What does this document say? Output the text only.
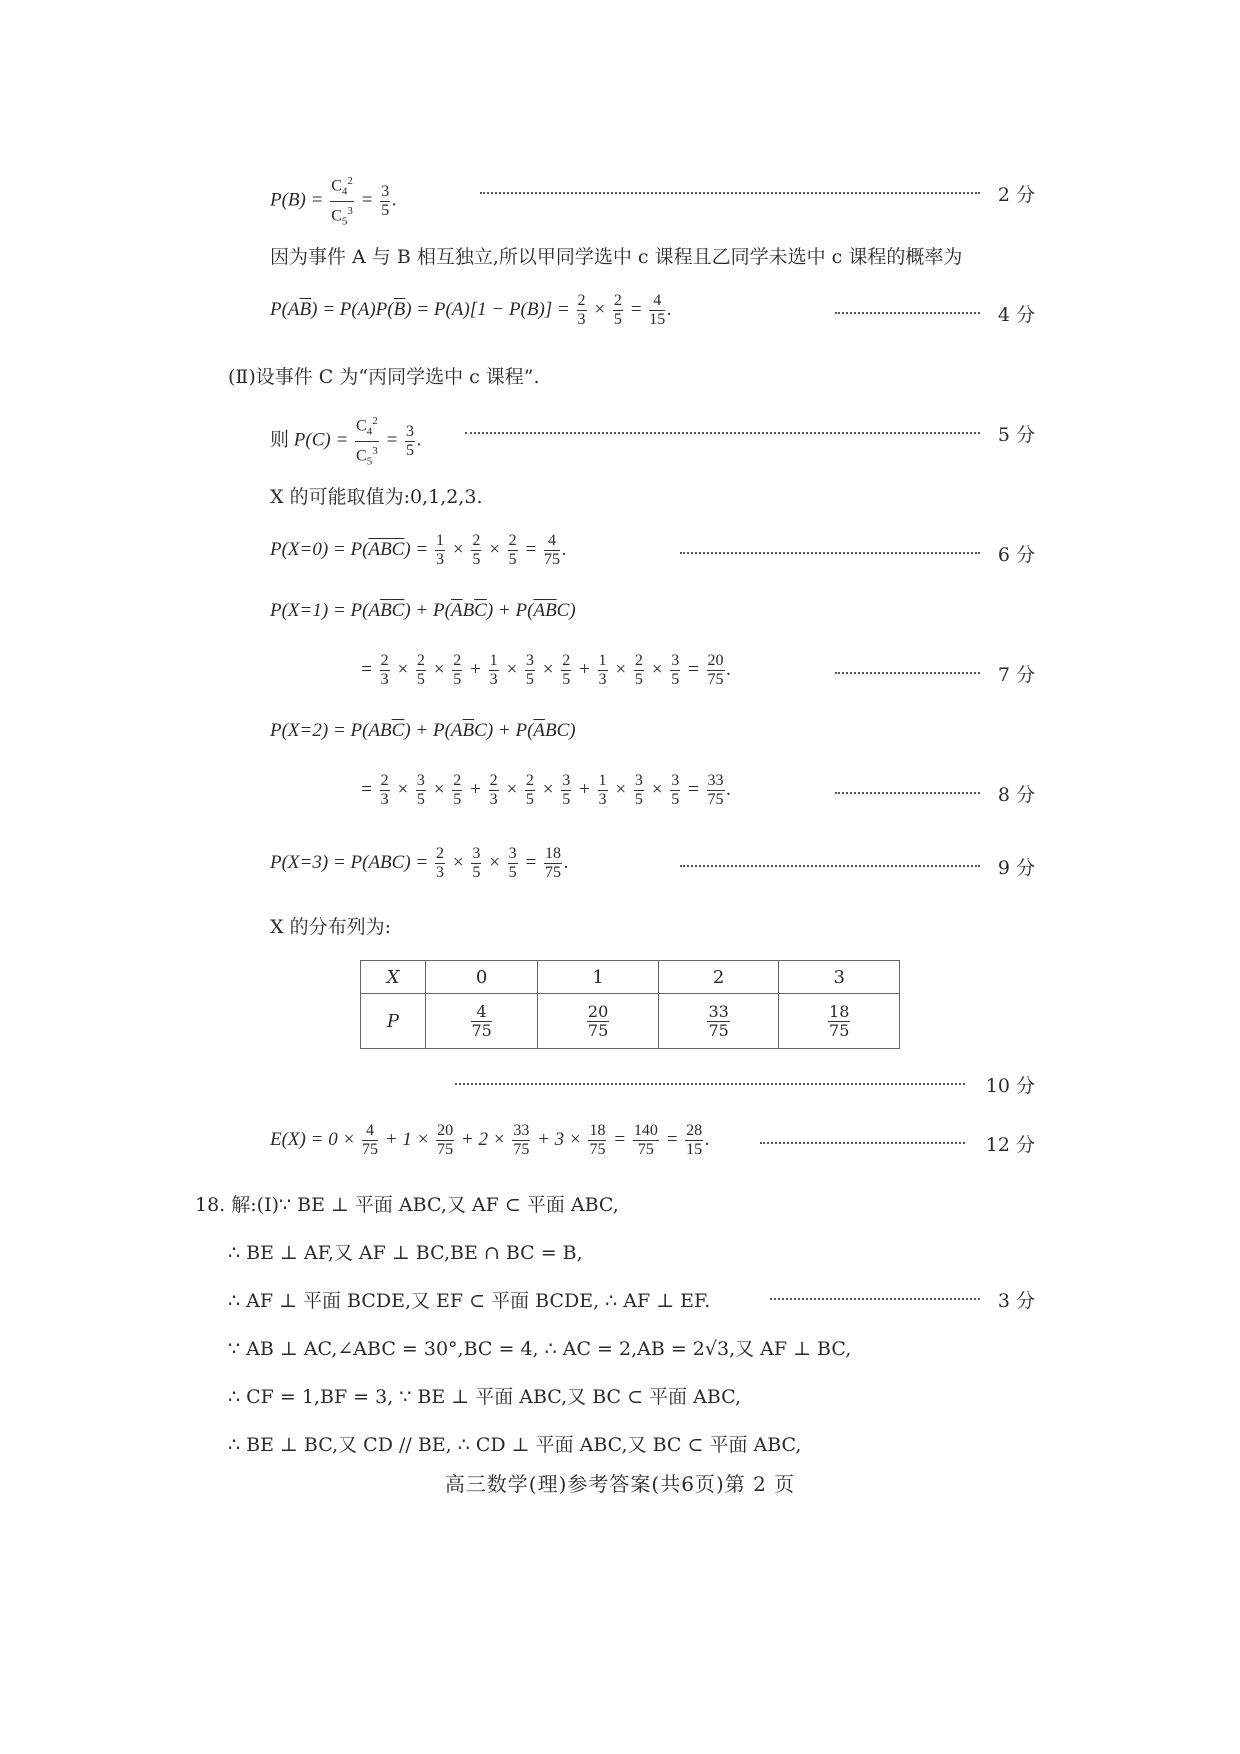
$P(B) = \frac{C_4^2}{C_5^3} = \frac{3}{5}$ .	2 分
因为事件 A 与 B 相互独立,所以甲同学选中 c 课程且乙同学未选中 c 课程的概率为
$P(A\overline{B}) = P(A)P(\overline{B}) = P(A)[1 - P(B)] = \frac{2}{3} \times \frac{2}{5} = \frac{4}{15}$ .	4 分
(Ⅱ)设事件 C 为“丙同学选中 c 课程”.
则 $P(C) = \frac{C_4^2}{C_5^3} = \frac{3}{5}$ .	5 分
X 的可能取值为:0,1,2,3.
$P(X=0) = P(\overline{A}\overline{B}\overline{C}) = \frac{1}{3} \times \frac{2}{5} \times \frac{2}{5} = \frac{4}{75}$ .	6 分
$P(X=1) = P(A\overline{B}\overline{C}) + P(\overline{A}B\overline{C}) + P(\overline{A}\overline{B}C)$
= $\frac{2}{3} \times \frac{2}{5} \times \frac{2}{5} + \frac{1}{3} \times \frac{3}{5} \times \frac{2}{5} + \frac{1}{3} \times \frac{2}{5} \times \frac{3}{5} = \frac{20}{75}$ .	7 分
$P(X=2) = P(AB\overline{C}) + P(A\overline{B}C) + P(\overline{A}BC)$
= $\frac{2}{3} \times \frac{3}{5} \times \frac{2}{5} + \frac{2}{3} \times \frac{2}{5} \times \frac{3}{5} + \frac{1}{3} \times \frac{3}{5} \times \frac{3}{5} = \frac{33}{75}$ .	8 分
$P(X=3) = P(ABC) = \frac{2}{3} \times \frac{3}{5} \times \frac{3}{5} = \frac{18}{75}$ .	9 分
X 的分布列为:
X	0	1	2	3
P	$\frac{4}{75}$	$\frac{20}{75}$	$\frac{33}{75}$	$\frac{18}{75}$
10 分
$E(X) = 0 \times \frac{4}{75} + 1 \times \frac{20}{75} + 2 \times \frac{33}{75} + 3 \times \frac{18}{75} = \frac{140}{75} = \frac{28}{15}$ .	12 分
18. 解:(Ⅰ)∵ BE ⊥ 平面 ABC,又 AF ⊂ 平面 ABC,
∴ BE ⊥ AF,又 AF ⊥ BC,BE ∩ BC = B,
∴ AF ⊥ 平面 BCDE,又 EF ⊂ 平面 BCDE, ∴ AF ⊥ EF.	3 分
∵ AB ⊥ AC,∠ABC = 30°,BC = 4, ∴ AC = 2,AB = 2√3,又 AF ⊥ BC,
∴ CF = 1,BF = 3, ∵ BE ⊥ 平面 ABC,又 BC ⊂ 平面 ABC,
∴ BE ⊥ BC,又 CD // BE, ∴ CD ⊥ 平面 ABC,又 BC ⊂ 平面 ABC,
高三数学(理)参考答案(共6页)第 2 页
